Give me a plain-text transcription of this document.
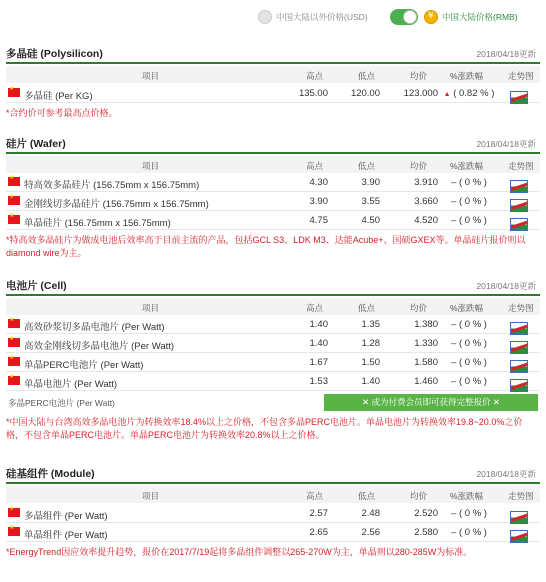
中国大陆以外价格(USD)
¥	中国大陆价格(RMB)
多晶硅 (Polysilicon)	2018/04/18更新
项目	高点	低点	均价	%涨跌幅	走势图
★
多晶硅 (Per KG)	135.00	120.00	123.000 ▲ ( 0.82 % )
*合约价可参考最高点价格。
硅片 (Wafer)	2018/04/18更新
项目	高点	低点	均价	%涨跌幅	走势图
★
特高效多晶硅片 (156.75mm x 156.75mm)	4.30	3.90	3.910	– ( 0 % )
★
金刚线切多晶硅片 (156.75mm x 156.75mm)	3.90	3.55	3.660	– ( 0 % )
★
单晶硅片 (156.75mm x 156.75mm)	4.75	4.50	4.520	– ( 0 % )
*特高效多晶硅片为做成电池后效率高于目前主流的产品，包括GCL S3、LDK M3、达能Acube+、国硕GXEX等。单晶硅片报价则以diamond wire为主。
电池片 (Cell)	2018/04/18更新
项目	高点	低点	均价	%涨跌幅	走势图
★
高效砂浆切多晶电池片 (Per Watt)	1.40	1.35	1.380	– ( 0 % )
★
高效金刚线切多晶电池片 (Per Watt)	1.40	1.28	1.330	– ( 0 % )
★
单晶PERC电池片 (Per Watt)	1.67	1.50	1.580	– ( 0 % )
★
单晶电池片 (Per Watt)	1.53	1.40	1.460	– ( 0 % )
多晶PERC电池片 (Per Watt)	✕ 成为付费会员即可获得完整报价 ✕
*中国大陆与台湾高效多晶电池片为转换效率18.4%以上之价格，不包含多晶PERC电池片。单晶电池片为转换效率19.8~20.0%之价格，不包含单晶PERC电池片。单晶PERC电池片为转换效率20.8%以上之价格。
硅基组件 (Module)	2018/04/18更新
项目	高点	低点	均价	%涨跌幅	走势图
★
多晶组件 (Per Watt)	2.57	2.48	2.520	– ( 0 % )
★
单晶组件 (Per Watt)	2.65	2.56	2.580	– ( 0 % )
*EnergyTrend因应效率提升趋势，报价在2017/7/19起将多晶组件调整以265-270W为主，单晶则以280-285W为标准。
